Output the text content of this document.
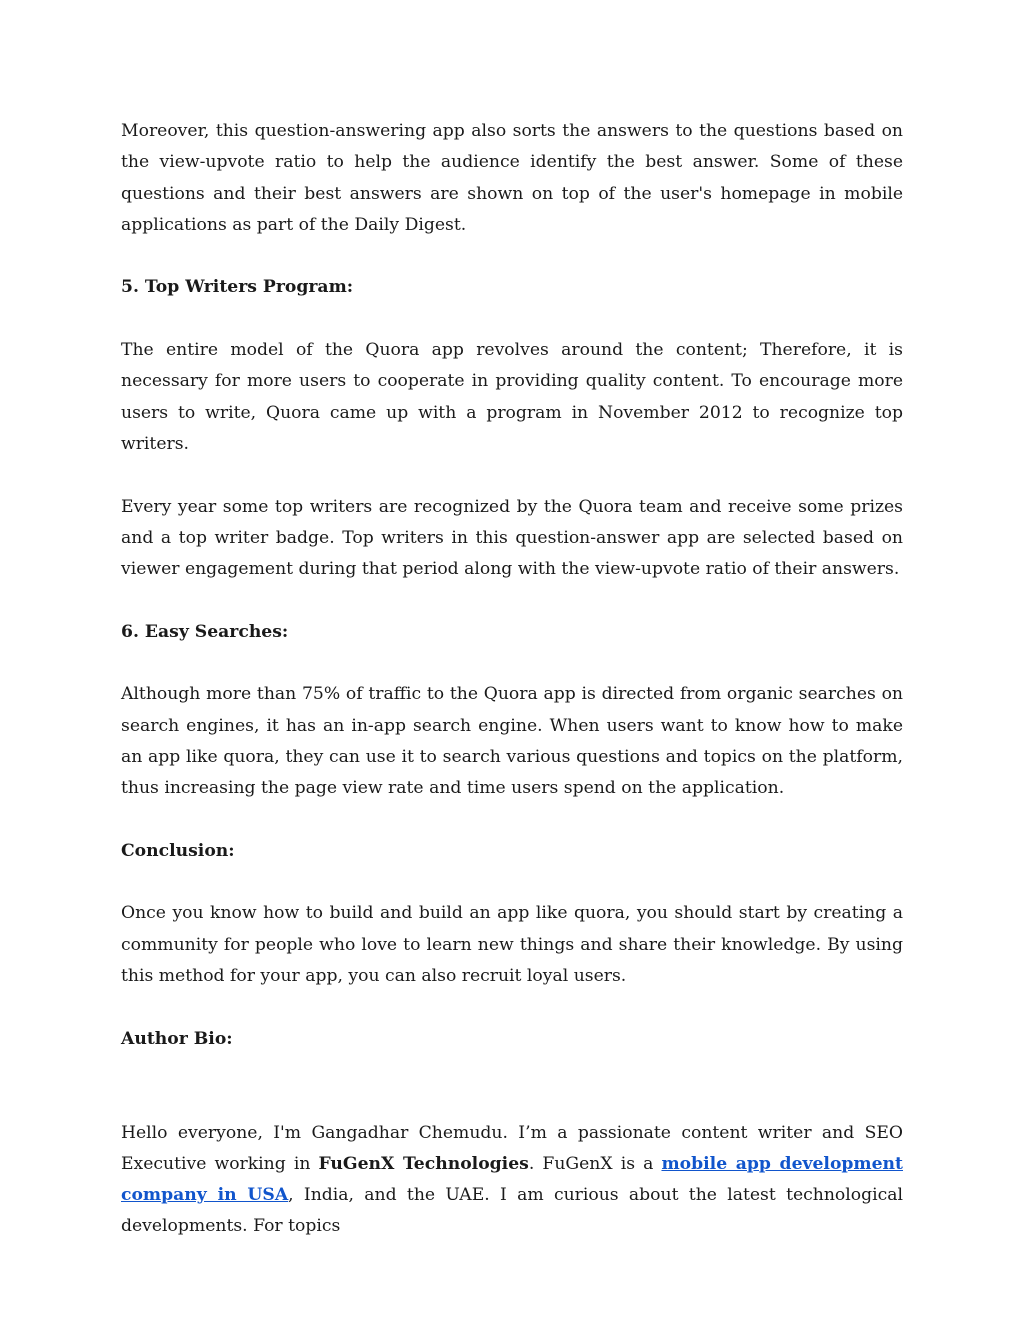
Moreover, this question-answering app also sorts the answers to the questions based on the view-upvote ratio to help the audience identify the best answer. Some of these questions and their best answers are shown on top of the user's homepage in mobile applications as part of the Daily Digest.

5. Top Writers Program:

The entire model of the Quora app revolves around the content; Therefore, it is necessary for more users to cooperate in providing quality content. To encourage more users to write, Quora came up with a program in November 2012 to recognize top writers.

Every year some top writers are recognized by the Quora team and receive some prizes and a top writer badge. Top writers in this question-answer app are selected based on viewer engagement during that period along with the view-upvote ratio of their answers.

6. Easy Searches:

Although more than 75% of traffic to the Quora app is directed from organic searches on search engines, it has an in-app search engine. When users want to know how to make an app like quora, they can use it to search various questions and topics on the platform, thus increasing the page view rate and time users spend on the application.

Conclusion:

Once you know how to build and build an app like quora, you should start by creating a community for people who love to learn new things and share their knowledge. By using this method for your app, you can also recruit loyal users.

Author Bio:

Hello everyone, I'm Gangadhar Chemudu. I’m a passionate content writer and SEO Executive working in FuGenX Technologies. FuGenX is a mobile app development company in USA, India, and the UAE. I am curious about the latest technological developments. For topics
